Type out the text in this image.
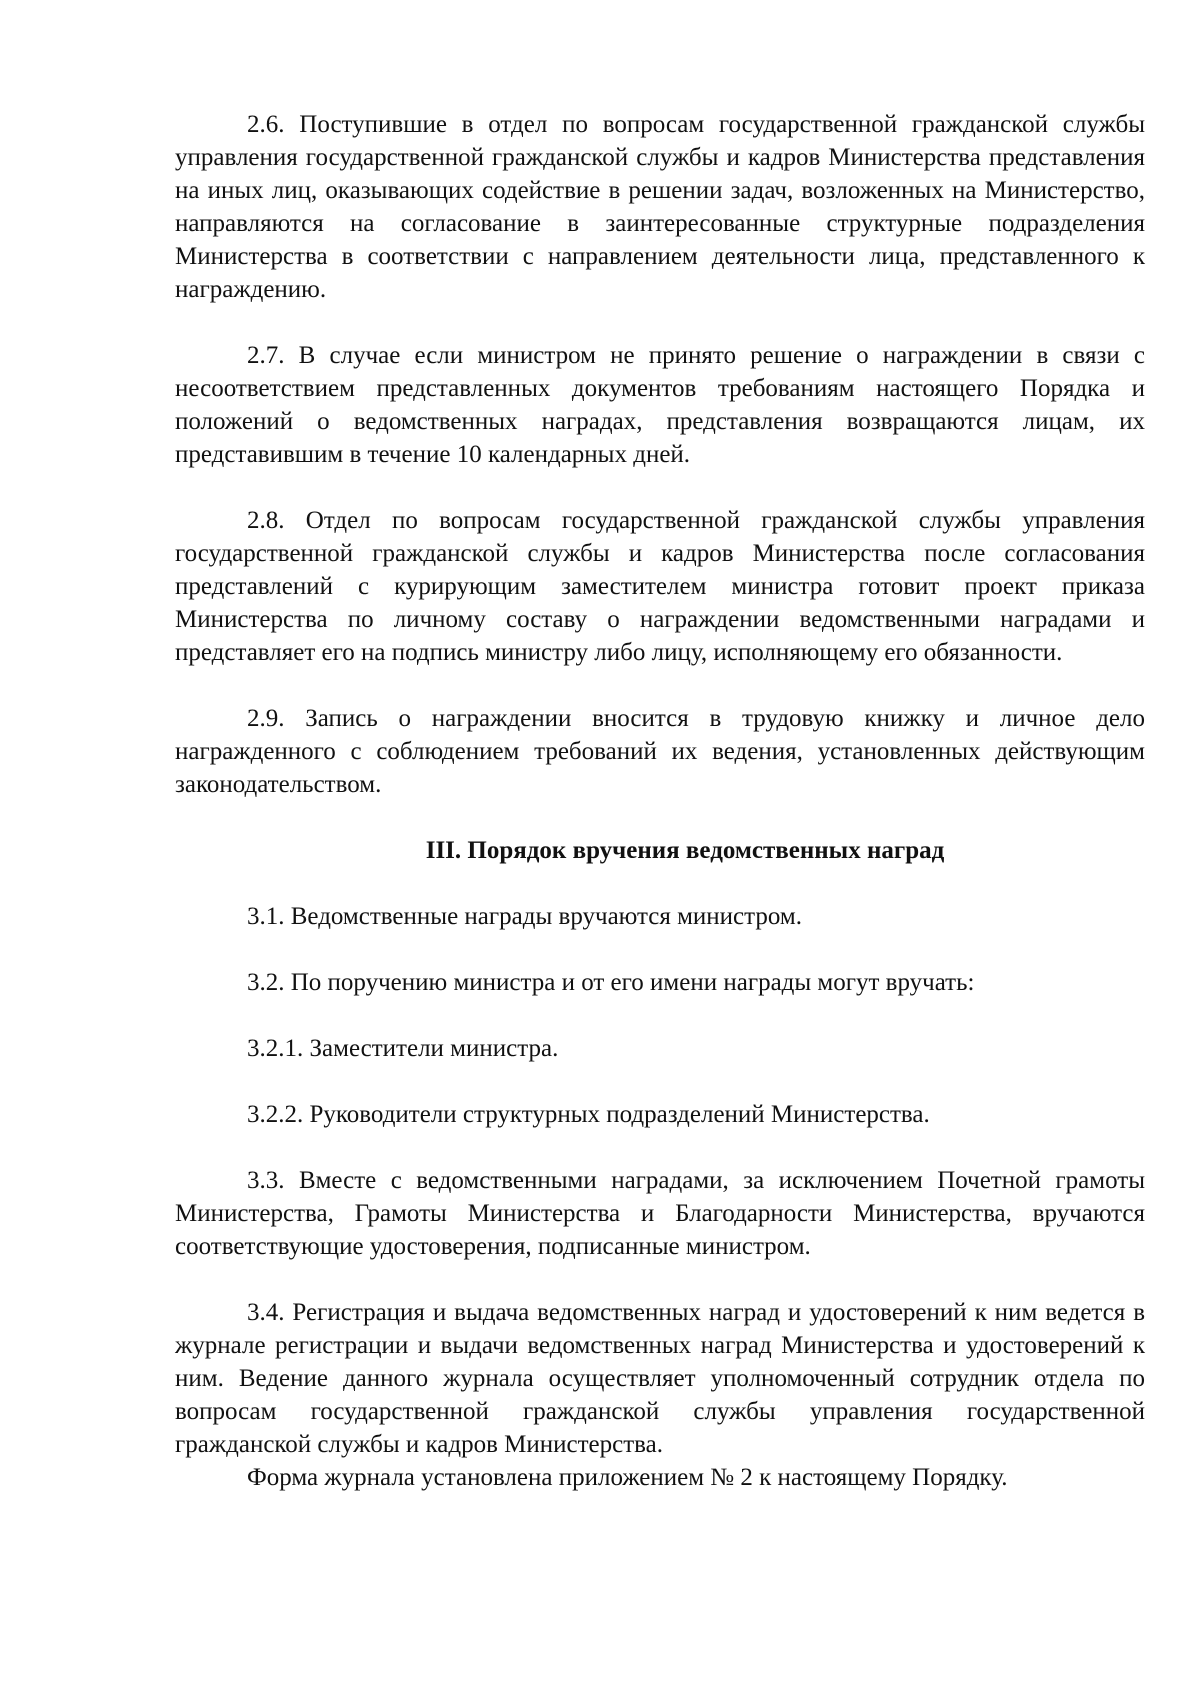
2.6. Поступившие в отдел по вопросам государственной гражданской службы управления государственной гражданской службы и кадров Министерства представления на иных лиц, оказывающих содействие в решении задач, возложенных на Министерство, направляются на согласование в заинтересованные структурные подразделения Министерства в соответствии с направлением деятельности лица, представленного к награждению.

2.7. В случае если министром не принято решение о награждении в связи с несоответствием представленных документов требованиям настоящего Порядка и положений о ведомственных наградах, представления возвращаются лицам, их представившим в течение 10 календарных дней.

2.8. Отдел по вопросам государственной гражданской службы управления государственной гражданской службы и кадров Министерства после согласования представлений с курирующим заместителем министра готовит проект приказа Министерства по личному составу о награждении ведомственными наградами и представляет его на подпись министру либо лицу, исполняющему его обязанности.

2.9. Запись о награждении вносится в трудовую книжку и личное дело награжденного с соблюдением требований их ведения, установленных действующим законодательством.

III. Порядок вручения ведомственных наград

3.1. Ведомственные награды вручаются министром.

3.2. По поручению министра и от его имени награды могут вручать:

3.2.1. Заместители министра.

3.2.2. Руководители структурных подразделений Министерства.

3.3. Вместе с ведомственными наградами, за исключением Почетной грамоты Министерства, Грамоты Министерства и Благодарности Министерства, вручаются соответствующие удостоверения, подписанные министром.

3.4. Регистрация и выдача ведомственных наград и удостоверений к ним ведется в журнале регистрации и выдачи ведомственных наград Министерства и удостоверений к ним. Ведение данного журнала осуществляет уполномоченный сотрудник отдела по вопросам государственной гражданской службы управления государственной гражданской службы и кадров Министерства.

Форма журнала установлена приложением № 2 к настоящему Порядку.
